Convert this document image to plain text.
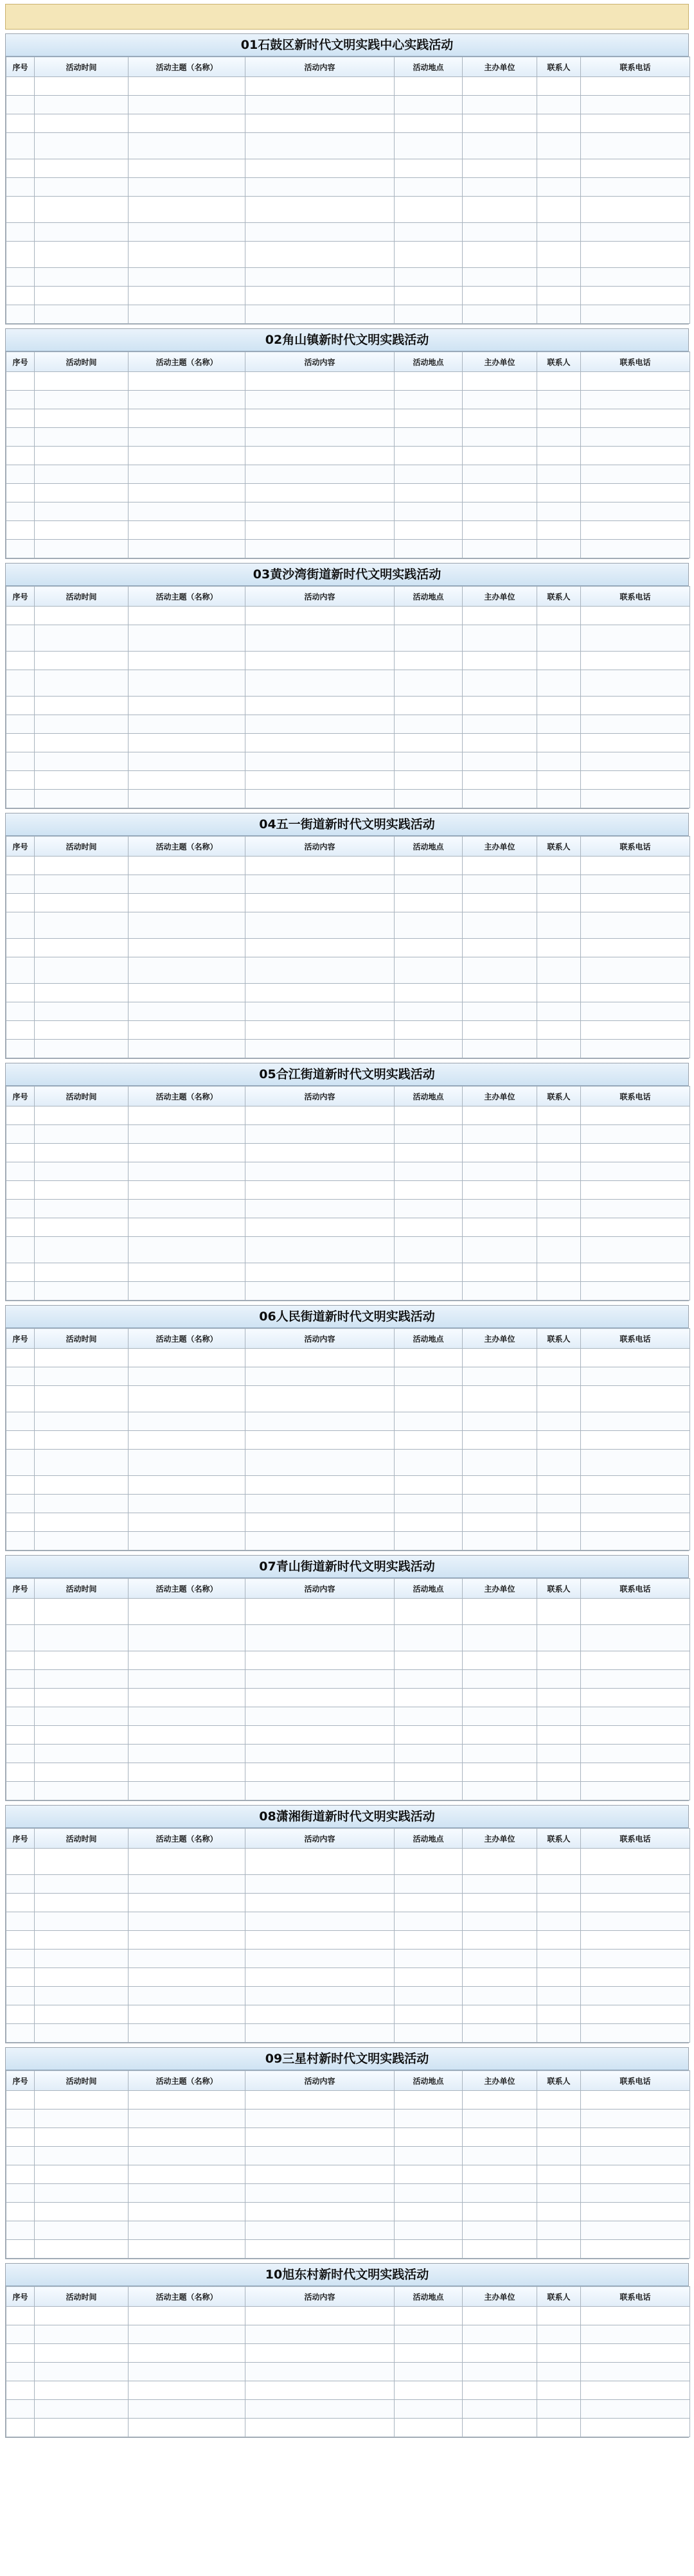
01石鼓区新时代文明实践中心实践活动
序号	活动时间	活动主题（名称）	活动内容	活动地点	主办单位	联系人	联系电话

02角山镇新时代文明实践活动
序号	活动时间	活动主题（名称）	活动内容	活动地点	主办单位	联系人	联系电话

03黄沙湾街道新时代文明实践活动
序号	活动时间	活动主题（名称）	活动内容	活动地点	主办单位	联系人	联系电话

04五一街道新时代文明实践活动
序号	活动时间	活动主题（名称）	活动内容	活动地点	主办单位	联系人	联系电话

05合江街道新时代文明实践活动
序号	活动时间	活动主题（名称）	活动内容	活动地点	主办单位	联系人	联系电话

06人民街道新时代文明实践活动
序号	活动时间	活动主题（名称）	活动内容	活动地点	主办单位	联系人	联系电话

07青山街道新时代文明实践活动
序号	活动时间	活动主题（名称）	活动内容	活动地点	主办单位	联系人	联系电话

08潇湘街道新时代文明实践活动
序号	活动时间	活动主题（名称）	活动内容	活动地点	主办单位	联系人	联系电话

09三星村新时代文明实践活动
序号	活动时间	活动主题（名称）	活动内容	活动地点	主办单位	联系人	联系电话

10旭东村新时代文明实践活动
序号	活动时间	活动主题（名称）	活动内容	活动地点	主办单位	联系人	联系电话
